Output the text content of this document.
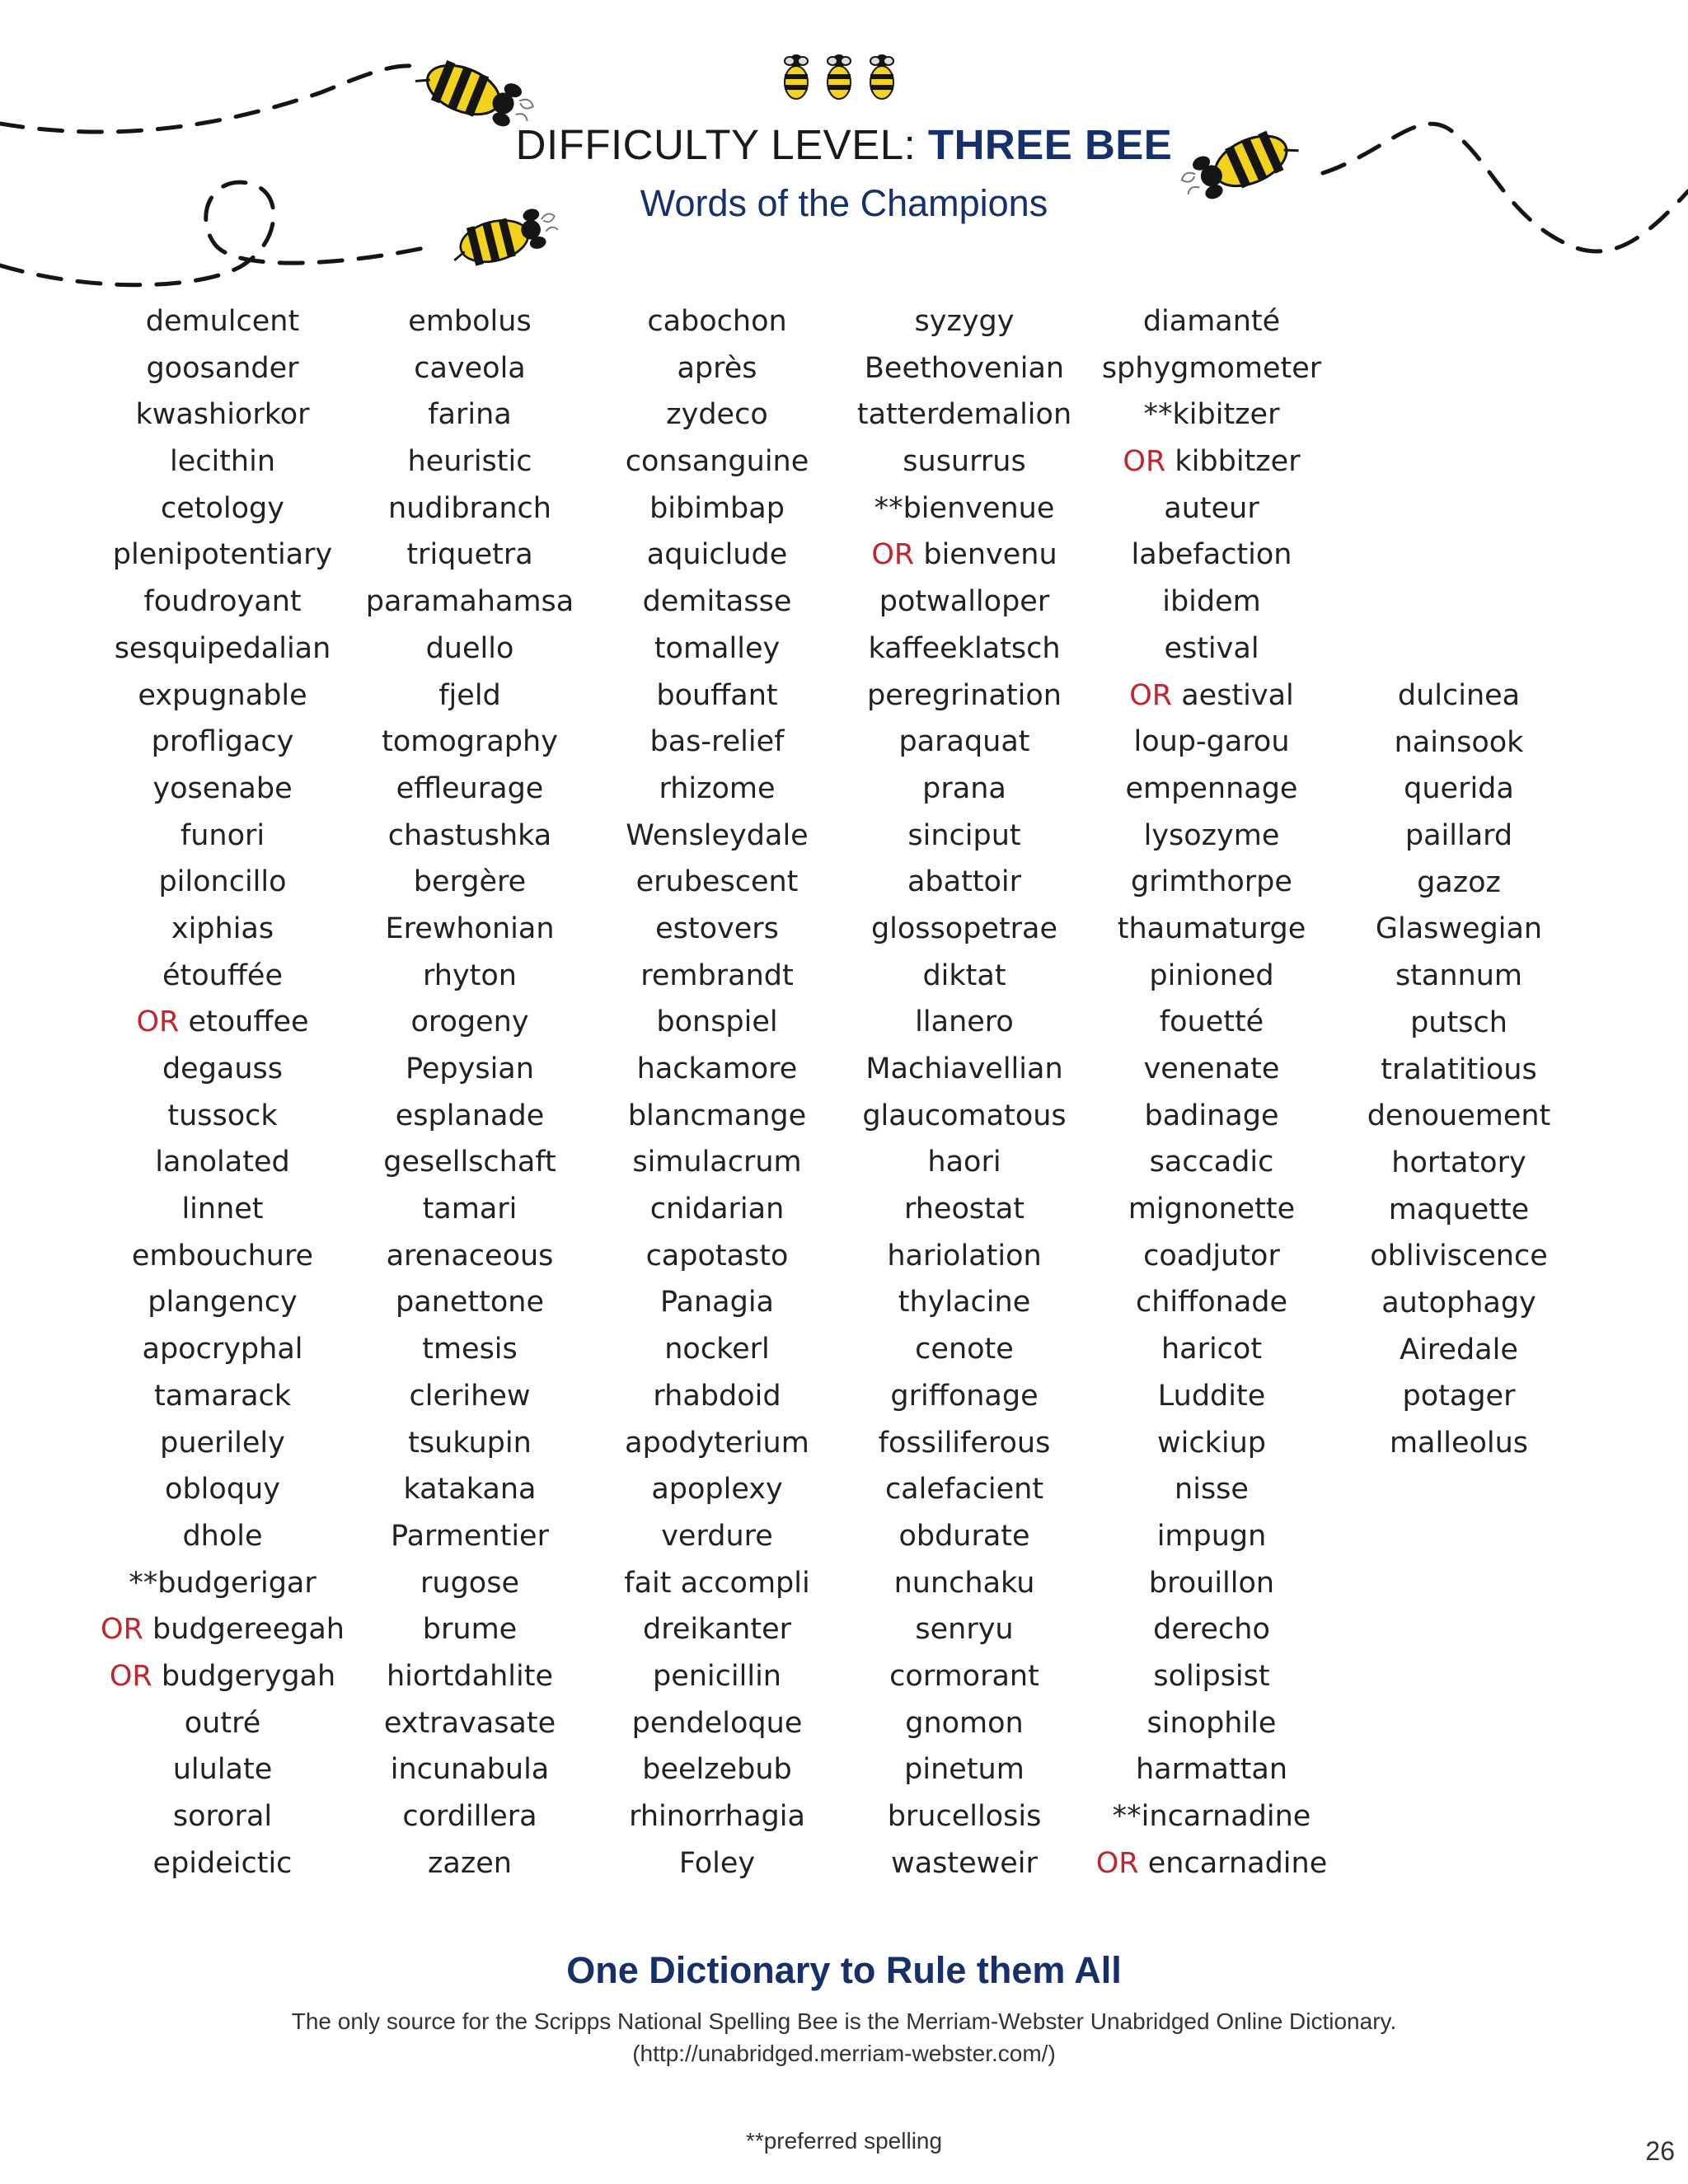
DIFFICULTY LEVEL: THREE BEE
Words of the Champions
demulcent
goosander
kwashiorkor
lecithin
cetology
plenipotentiary
foudroyant
sesquipedalian
expugnable
profligacy
yosenabe
funori
piloncillo
xiphias
étouffée
OR etouffee
degauss
tussock
lanolated
linnet
embouchure
plangency
apocryphal
tamarack
puerilely
obloquy
dhole
**budgerigar
OR budgereegah
OR budgerygah
outré
ululate
sororal
epideictic
embolus
caveola
farina
heuristic
nudibranch
triquetra
paramahamsa
duello
fjeld
tomography
effleurage
chastushka
bergère
Erewhonian
rhyton
orogeny
Pepysian
esplanade
gesellschaft
tamari
arenaceous
panettone
tmesis
clerihew
tsukupin
katakana
Parmentier
rugose
brume
hiortdahlite
extravasate
incunabula
cordillera
zazen
cabochon
après
zydeco
consanguine
bibimbap
aquiclude
demitasse
tomalley
bouffant
bas-relief
rhizome
Wensleydale
erubescent
estovers
rembrandt
bonspiel
hackamore
blancmange
simulacrum
cnidarian
capotasto
Panagia
nockerl
rhabdoid
apodyterium
apoplexy
verdure
fait accompli
dreikanter
penicillin
pendeloque
beelzebub
rhinorrhagia
Foley
syzygy
Beethovenian
tatterdemalion
susurrus
**bienvenue
OR bienvenu
potwalloper
kaffeeklatsch
peregrination
paraquat
prana
sinciput
abattoir
glossopetrae
diktat
llanero
Machiavellian
glaucomatous
haori
rheostat
hariolation
thylacine
cenote
griffonage
fossiliferous
calefacient
obdurate
nunchaku
senryu
cormorant
gnomon
pinetum
brucellosis
wasteweir
diamanté
sphygmometer
**kibitzer
OR kibbitzer
auteur
labefaction
ibidem
estival
OR aestival
loup-garou
empennage
lysozyme
grimthorpe
thaumaturge
pinioned
fouetté
venenate
badinage
saccadic
mignonette
coadjutor
chiffonade
haricot
Luddite
wickiup
nisse
impugn
brouillon
derecho
solipsist
sinophile
harmattan
**incarnadine
OR encarnadine
dulcinea
nainsook
querida
paillard
gazoz
Glaswegian
stannum
putsch
tralatitious
denouement
hortatory
maquette
obliviscence
autophagy
Airedale
potager
malleolus
One Dictionary to Rule them All
The only source for the Scripps National Spelling Bee is the Merriam-Webster Unabridged Online Dictionary.
(http://unabridged.merriam-webster.com/)
**preferred spelling	26
